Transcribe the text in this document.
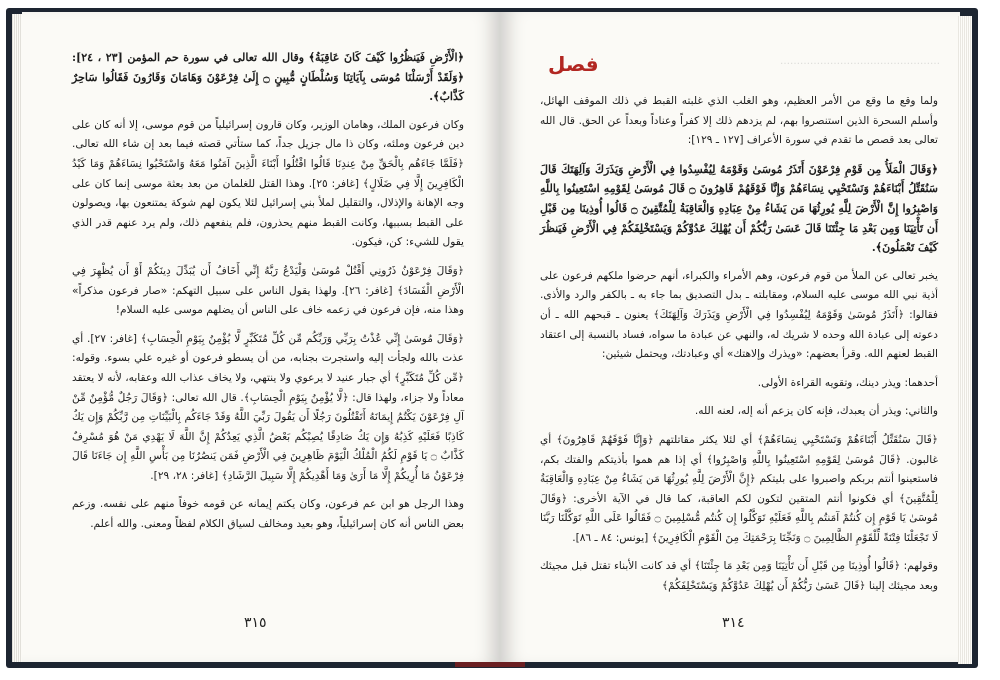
﴿الْأَرْضِ فَيَنظُرُوا كَيْفَ كَانَ عَاقِبَةُ﴾ وقال الله تعالى في سورة حم المؤمن [٢٣ ، ٢٤]: ﴿وَلَقَدْ أَرْسَلْنَا مُوسَى بِآيَاتِنَا وَسُلْطَانٍ مُّبِينٍ ۝ إِلَىٰ فِرْعَوْنَ وَهَامَانَ وَقَارُونَ فَقَالُوا سَاحِرٌ كَذَّابٌ﴾.

وكان فرعون الملك، وهامان الوزير، وكان قارون إسرائيلياً من قوم موسى، إلا أنه كان على دين فرعون وملئه، وكان ذا مال جزيل جداً، كما ستأتي قصته فيما بعد إن شاء الله تعالى. ﴿فَلَمَّا جَاءَهُم بِالْحَقِّ مِنْ عِندِنَا قَالُوا اقْتُلُوا أَبْنَاءَ الَّذِينَ آمَنُوا مَعَهُ وَاسْتَحْيُوا نِسَاءَهُمْ وَمَا كَيْدُ الْكَافِرِينَ إِلَّا فِي ضَلَالٍ﴾ [غافر: ٢٥]. وهذا القتل للغلمان من بعد بعثة موسى إنما كان على وجه الإهانة والإذلال، والتقليل لملأ بني إسرائيل لئلا يكون لهم شوكة يمتنعون بها، ويصولون على القبط بسببها، وكانت القبط منهم يحذرون، فلم ينفعهم ذلك، ولم يرد عنهم قدر الذي يقول للشيء: كن، فيكون.

﴿وَقَالَ فِرْعَوْنُ ذَرُونِي أَقْتُلْ مُوسَىٰ وَلْيَدْعُ رَبَّهُ إِنِّي أَخَافُ أَن يُبَدِّلَ دِينَكُمْ أَوْ أَن يُظْهِرَ فِي الْأَرْضِ الْفَسَادَ﴾ [غافر: ٢٦]. ولهذا يقول الناس على سبيل التهكم: «صار فرعون مذكراً» وهذا منه، فإن فرعون في زعمه خاف على الناس أن يضلهم موسى عليه السلام!

﴿وَقَالَ مُوسَىٰ إِنِّي عُذْتُ بِرَبِّي وَرَبِّكُم مِّن كُلِّ مُتَكَبِّرٍ لَّا يُؤْمِنُ بِيَوْمِ الْحِسَابِ﴾ [غافر: ٢٧]. أي عذت بالله ولجأت إليه واستجرت بجنابه، من أن يسطو فرعون أو غيره علي بسوء. وقوله: ﴿مِّن كُلِّ مُتَكَبِّرٍ﴾ أي جبار عنيد لا يرعوي ولا ينتهي، ولا يخاف عذاب الله وعقابه، لأنه لا يعتقد معاداً ولا جزاء، ولهذا قال: ﴿لَّا يُؤْمِنُ بِيَوْمِ الْحِسَابِ﴾. قال الله تعالى: ﴿وَقَالَ رَجُلٌ مُّؤْمِنٌ مِّنْ آلِ فِرْعَوْنَ يَكْتُمُ إِيمَانَهُ أَتَقْتُلُونَ رَجُلًا أَن يَقُولَ رَبِّيَ اللَّهُ وَقَدْ جَاءَكُم بِالْبَيِّنَاتِ مِن رَّبِّكُمْ وَإِن يَكُ كَاذِبًا فَعَلَيْهِ كَذِبُهُ وَإِن يَكُ صَادِقًا يُصِبْكُم بَعْضُ الَّذِي يَعِدُكُمْ إِنَّ اللَّهَ لَا يَهْدِي مَنْ هُوَ مُسْرِفٌ كَذَّابٌ ۝ يَا قَوْمِ لَكُمُ الْمُلْكُ الْيَوْمَ ظَاهِرِينَ فِي الْأَرْضِ فَمَن يَنصُرُنَا مِن بَأْسِ اللَّهِ إِن جَاءَنَا قَالَ فِرْعَوْنُ مَا أُرِيكُمْ إِلَّا مَا أَرَىٰ وَمَا أَهْدِيكُمْ إِلَّا سَبِيلَ الرَّشَادِ﴾ [غافر: ٢٨، ٢٩].

وهذا الرجل هو ابن عم فرعون، وكان يكتم إيمانه عن قومه خوفاً منهم على نفسه. وزعم بعض الناس أنه كان إسرائيلياً، وهو بعيد ومخالف لسياق الكلام لفظاً ومعنى. والله أعلم.

٣١٥
…………………………………………
فصل

ولما وقع ما وقع من الأمر العظيم، وهو الغلب الذي غلبته القبط في ذلك الموقف الهائل، وأسلم السحرة الذين استنصروا بهم، لم يزدهم ذلك إلا كفراً وعناداً وبعداً عن الحق. قال الله تعالى بعد قصص ما تقدم في سورة الأعراف [١٢٧ ـ ١٢٩]:

﴿وَقَالَ الْمَلَأُ مِن قَوْمِ فِرْعَوْنَ أَتَذَرُ مُوسَىٰ وَقَوْمَهُ لِيُفْسِدُوا فِي الْأَرْضِ وَيَذَرَكَ وَآلِهَتَكَ قَالَ سَنُقَتِّلُ أَبْنَاءَهُمْ وَنَسْتَحْيِي نِسَاءَهُمْ وَإِنَّا فَوْقَهُمْ قَاهِرُونَ ۝ قَالَ مُوسَىٰ لِقَوْمِهِ اسْتَعِينُوا بِاللَّهِ وَاصْبِرُوا إِنَّ الْأَرْضَ لِلَّهِ يُورِثُهَا مَن يَشَاءُ مِنْ عِبَادِهِ وَالْعَاقِبَةُ لِلْمُتَّقِينَ ۝ قَالُوا أُوذِينَا مِن قَبْلِ أَن تَأْتِيَنَا وَمِن بَعْدِ مَا جِئْتَنَا قَالَ عَسَىٰ رَبُّكُمْ أَن يُهْلِكَ عَدُوَّكُمْ وَيَسْتَخْلِفَكُمْ فِي الْأَرْضِ فَيَنظُرَ كَيْفَ تَعْمَلُونَ﴾.

يخبر تعالى عن الملأ من قوم فرعون، وهم الأمراء والكبراء، أنهم حرضوا ملكهم فرعون على أذية نبي الله موسى عليه السلام، ومقابلته ـ بدل التصديق بما جاء به ـ بالكفر والرد والأذى. فقالوا: ﴿أَتَذَرُ مُوسَىٰ وَقَوْمَهُ لِيُفْسِدُوا فِي الْأَرْضِ وَيَذَرَكَ وَآلِهَتَكَ﴾ يعنون ـ قبحهم الله ـ أن دعوته إلى عبادة الله وحده لا شريك له، والنهي عن عبادة ما سواه، فساد بالنسبة إلى اعتقاد القبط لعنهم الله. وقرأ بعضهم: «ويذرك وإلاهتك» أي وعبادتك، ويحتمل شيئين:

أحدهما: ويذر دينك، وتقويه القراءة الأولى.

والثاني: ويذر أن يعبدك، فإنه كان يزعم أنه إله، لعنه الله.

﴿قَالَ سَنُقَتِّلُ أَبْنَاءَهُمْ وَنَسْتَحْيِي نِسَاءَهُمْ﴾ أي لئلا يكثر مقاتلتهم ﴿وَإِنَّا فَوْقَهُمْ قَاهِرُونَ﴾ أي غالبون. ﴿قَالَ مُوسَىٰ لِقَوْمِهِ اسْتَعِينُوا بِاللَّهِ وَاصْبِرُوا﴾ أي إذا هم هموا بأذيتكم والفتك بكم، فاستعينوا أنتم بربكم واصبروا على بليتكم ﴿إِنَّ الْأَرْضَ لِلَّهِ يُورِثُهَا مَن يَشَاءُ مِنْ عِبَادِهِ وَالْعَاقِبَةُ لِلْمُتَّقِينَ﴾ أي فكونوا أنتم المتقين لتكون لكم العاقبة، كما قال في الآية الأخرى: ﴿وَقَالَ مُوسَىٰ يَا قَوْمِ إِن كُنتُمْ آمَنتُم بِاللَّهِ فَعَلَيْهِ تَوَكَّلُوا إِن كُنتُم مُّسْلِمِينَ ۝ فَقَالُوا عَلَى اللَّهِ تَوَكَّلْنَا رَبَّنَا لَا تَجْعَلْنَا فِتْنَةً لِّلْقَوْمِ الظَّالِمِينَ ۝ وَنَجِّنَا بِرَحْمَتِكَ مِنَ الْقَوْمِ الْكَافِرِينَ﴾ [يونس: ٨٤ ـ ٨٦].

وقولهم: ﴿قَالُوا أُوذِينَا مِن قَبْلِ أَن تَأْتِيَنَا وَمِن بَعْدِ مَا جِئْتَنَا﴾ أي قد كانت الأبناء تقتل قبل مجيئك وبعد مجيئك إلينا ﴿قَالَ عَسَىٰ رَبُّكُمْ أَن يُهْلِكَ عَدُوَّكُمْ وَيَسْتَخْلِفَكُمْ﴾

٣١٤
